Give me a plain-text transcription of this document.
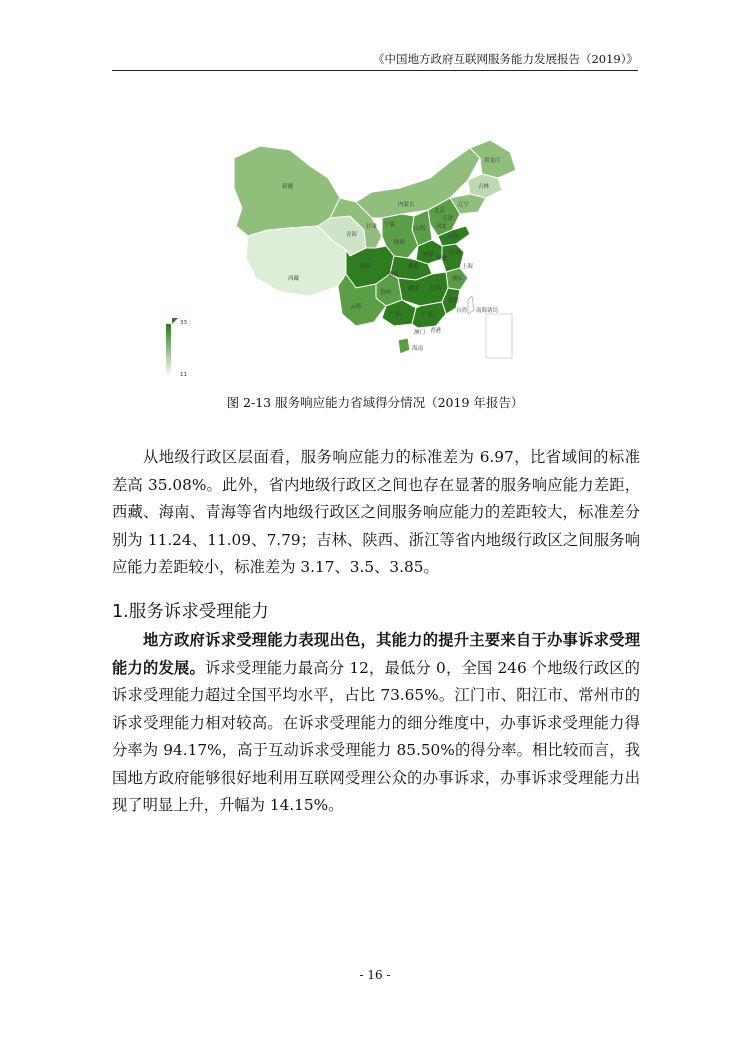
《中国地方政府互联网服务能力发展报告（2019）》
33
11
新疆
西藏
青海
甘肃
内蒙古
黑龙江
吉林
辽宁
北京
天津
河北
山西
山东
河南
陕西
宁夏
四川
重庆
湖北
安徽
江苏
上海
浙江
湖南 江西
福建
贵州
云南
广西	广东
海南
台湾
香港
澳门
南海诸岛
图 2-13 服务响应能力省域得分情况（2019 年报告）

从地级行政区层面看，服务响应能力的标准差为 6.97，比省域间的标准差高 35.08%。此外，省内地级行政区之间也存在显著的服务响应能力差距，西藏、海南、青海等省内地级行政区之间服务响应能力的差距较大，标准差分别为 11.24、11.09、7.79；吉林、陕西、浙江等省内地级行政区之间服务响应能力差距较小，标准差为 3.17、3.5、3.85。

1.服务诉求受理能力

地方政府诉求受理能力表现出色，其能力的提升主要来自于办事诉求受理能力的发展。诉求受理能力最高分 12，最低分 0，全国 246 个地级行政区的诉求受理能力超过全国平均水平，占比 73.65%。江门市、阳江市、常州市的诉求受理能力相对较高。在诉求受理能力的细分维度中，办事诉求受理能力得分率为 94.17%，高于互动诉求受理能力 85.50%的得分率。相比较而言，我国地方政府能够很好地利用互联网受理公众的办事诉求，办事诉求受理能力出现了明显上升，升幅为 14.15%。

- 16 -
